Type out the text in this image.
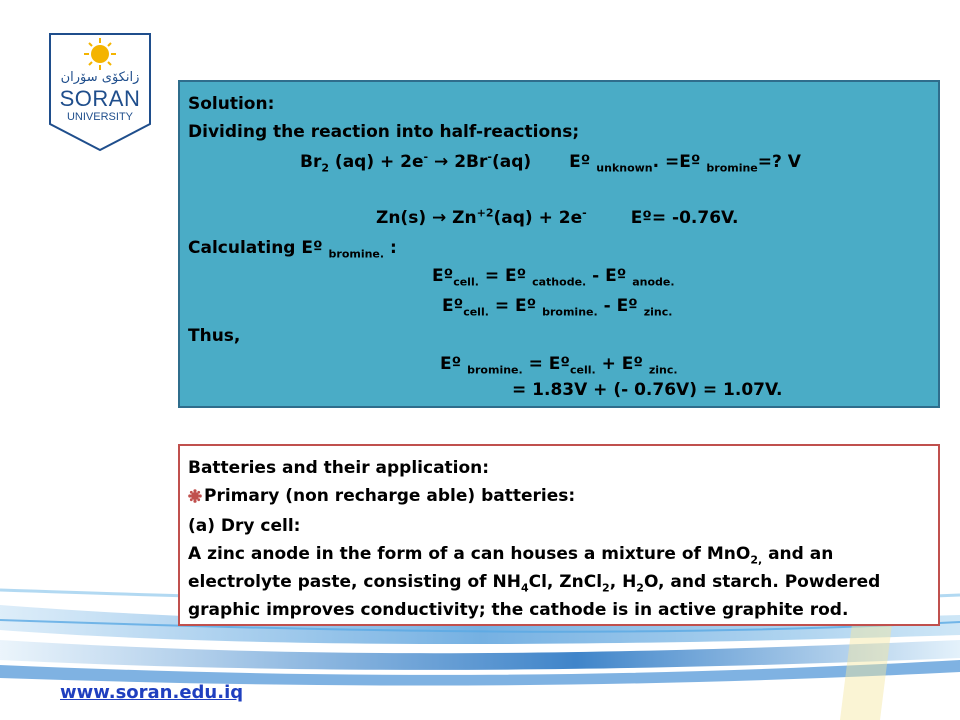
زانكۆی سۆران
SORAN
UNIVERSITY
Solution:
Dividing the reaction into half-reactions;
$Br_2$ (aq) + 2e- → 2Br-(aq) Eº $_{unknown}$. =Eº $_{bromine}$=? V
$Zn(s) \to Zn^{+2}(aq) + 2e^-$	Eº= -0.76V.
Calculating Eº $_{bromine.}$ :
Eº$_{cell.}$ = Eº $_{cathode.}$ - Eº $_{anode.}$
Eº$_{cell.}$ = Eº $_{bromine.}$ - Eº $_{zinc.}$
Thus,
Eº $_{bromine.}$ = Eº$_{cell.}$ + Eº $_{zinc.}$
= 1.83V + (- 0.76V) = 1.07V.
Batteries and their application:
Primary (non recharge able) batteries:
(a) Dry cell:
A zinc anode in the form of a can houses a mixture of MnO$_{2,}$ and an
electrolyte paste, consisting of $NH_4Cl$, ZnCl$_2$, $H_2O$, and starch. Powdered
graphic improves conductivity; the cathode is in active graphite rod.
www.soran.edu.iq
